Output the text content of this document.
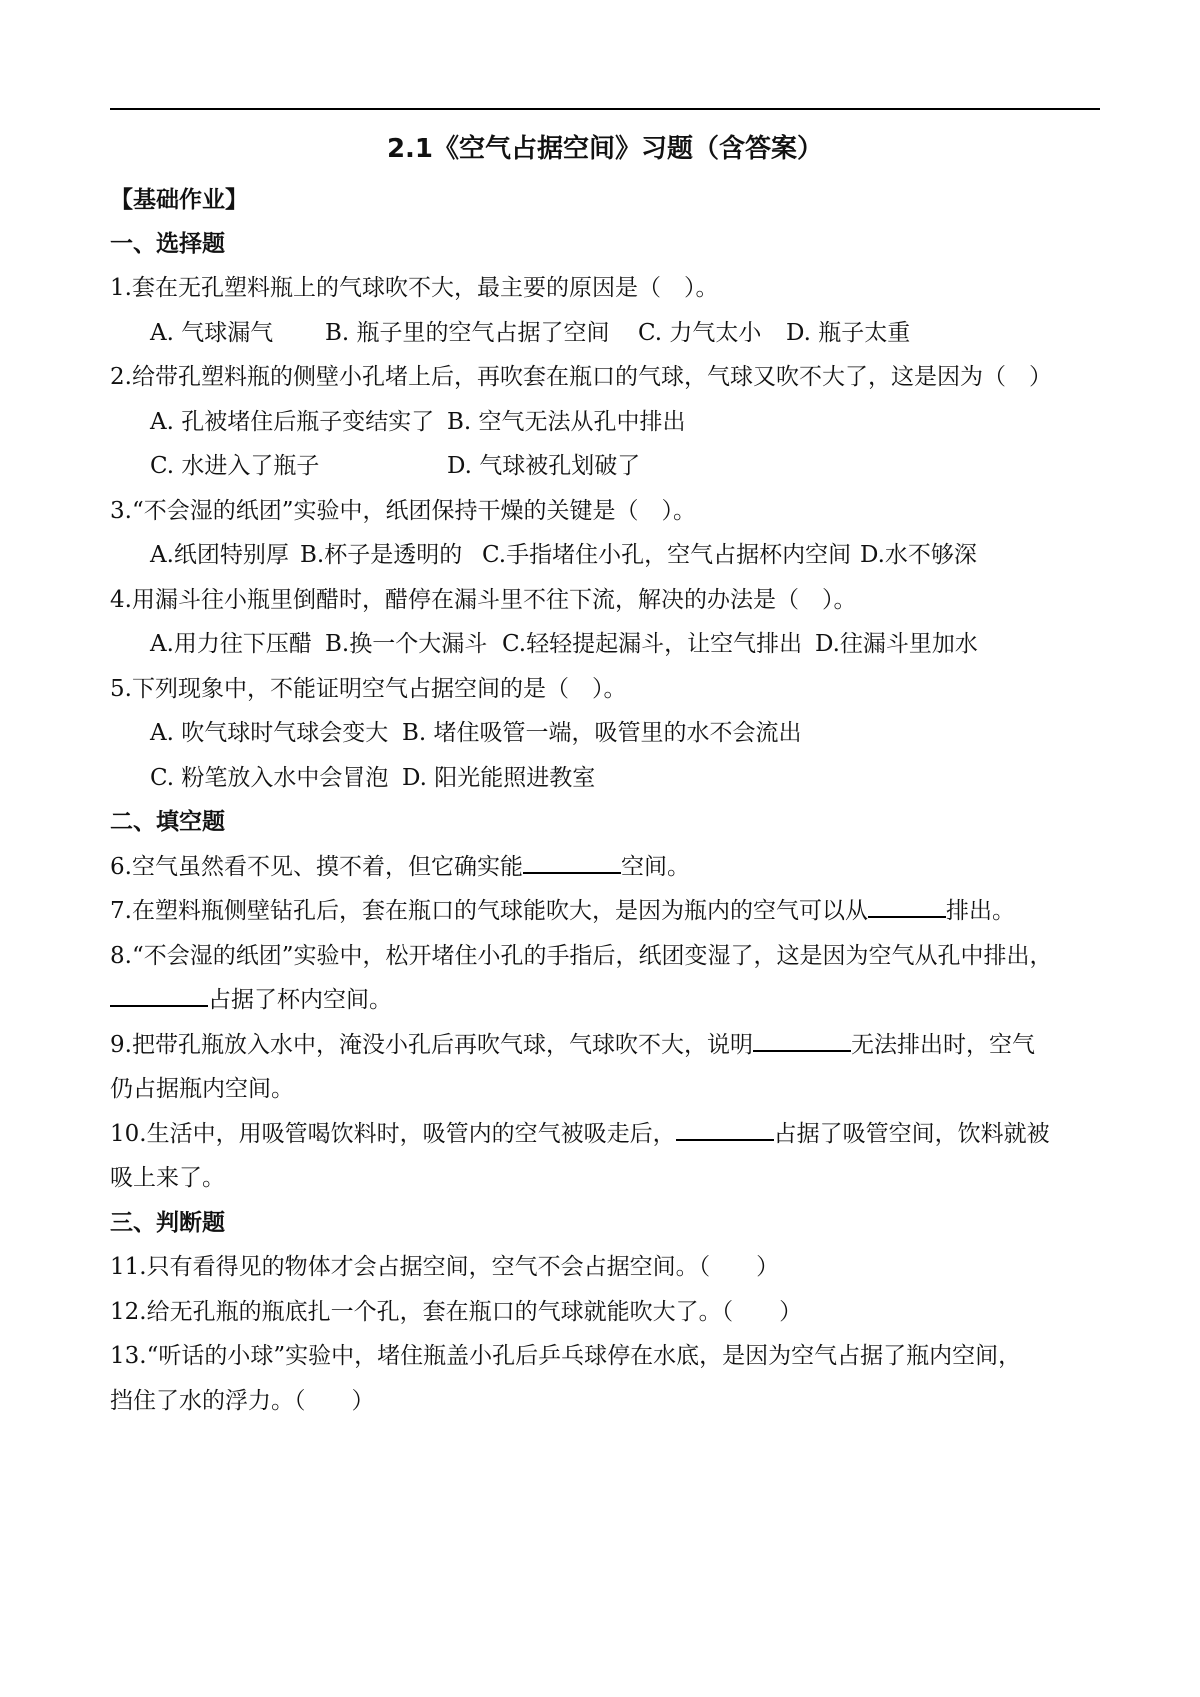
2.1《空气占据空间》习题（含答案）
【基础作业】
一、选择题
1.套在无孔塑料瓶上的气球吹不大，最主要的原因是（　）。
A. 气球漏气 B. 瓶子里的空气占据了空间 C. 力气太小 D. 瓶子太重
2.给带孔塑料瓶的侧壁小孔堵上后，再吹套在瓶口的气球，气球又吹不大了，这是因为（　）
A. 孔被堵住后瓶子变结实了 B. 空气无法从孔中排出
C. 水进入了瓶子	D. 气球被孔划破了
3.“不会湿的纸团”实验中，纸团保持干燥的关键是（　）。
A.纸团特别厚 B.杯子是透明的 C.手指堵住小孔，空气占据杯内空间 D.水不够深
4.用漏斗往小瓶里倒醋时，醋停在漏斗里不往下流，解决的办法是（　）。
A.用力往下压醋 B.换一个大漏斗 C.轻轻提起漏斗，让空气排出 D.往漏斗里加水
5.下列现象中，不能证明空气占据空间的是（　）。
A. 吹气球时气球会变大 B. 堵住吸管一端，吸管里的水不会流出
C. 粉笔放入水中会冒泡 D. 阳光能照进教室
二、填空题
6.空气虽然看不见、摸不着，但它确实能	空间。
7.在塑料瓶侧壁钻孔后，套在瓶口的气球能吹大，是因为瓶内的空气可以从	排出。
8.“不会湿的纸团”实验中，松开堵住小孔的手指后，纸团变湿了，这是因为空气从孔中排出，
占据了杯内空间。
9.把带孔瓶放入水中，淹没小孔后再吹气球，气球吹不大，说明	无法排出时，空气
仍占据瓶内空间。
10.生活中，用吸管喝饮料时，吸管内的空气被吸走后，	占据了吸管空间，饮料就被
吸上来了。
三、判断题
11.只有看得见的物体才会占据空间，空气不会占据空间。（　　）
12.给无孔瓶的瓶底扎一个孔，套在瓶口的气球就能吹大了。（　　）
13.“听话的小球”实验中，堵住瓶盖小孔后乒乓球停在水底，是因为空气占据了瓶内空间，
挡住了水的浮力。（　　）
